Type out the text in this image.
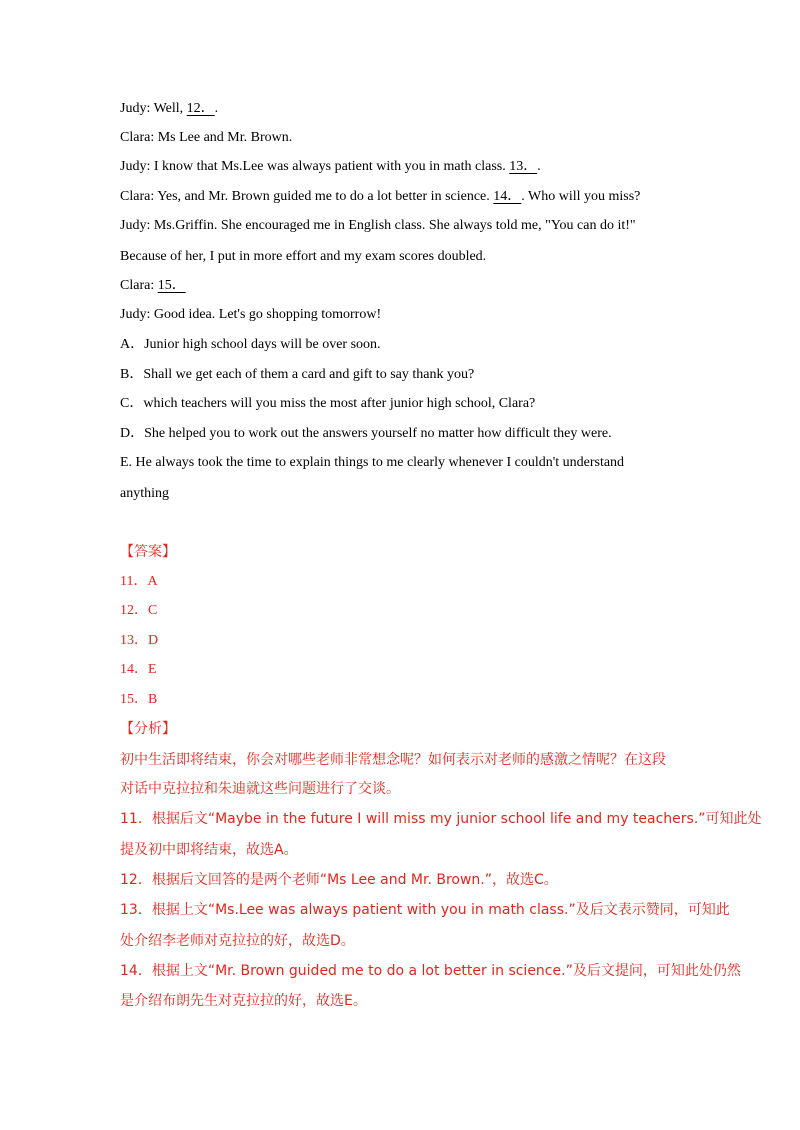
Judy: Well, 12．.
Clara: Ms Lee and Mr. Brown.
Judy: I know that Ms.Lee was always patient with you in math class. 13．.
Clara: Yes, and Mr. Brown guided me to do a lot better in science. 14．. Who will you miss?
Judy: Ms.Griffin. She encouraged me in English class. She always told me, "You can do it!"
Because of her, I put in more effort and my exam scores doubled.
Clara: 15．
Judy: Good idea. Let's go shopping tomorrow!
A．Junior high school days will be over soon.
B．Shall we get each of them a card and gift to say thank you?
C．which teachers will you miss the most after junior high school, Clara?
D．She helped you to work out the answers yourself no matter how difficult they were.
E. He always took the time to explain things to me clearly whenever I couldn't understand
anything
【答案】
11．A
12．C
13．D
14．E
15．B
【分析】
初中生活即将结束，你会对哪些老师非常想念呢？如何表示对老师的感激之情呢？在这段
对话中克拉拉和朱迪就这些问题进行了交谈。
11．根据后文“Maybe in the future I will miss my junior school life and my teachers.”可知此处
提及初中即将结束，故选A。
12．根据后文回答的是两个老师“Ms Lee and Mr. Brown.”，故选C。
13．根据上文“Ms.Lee was always patient with you in math class.”及后文表示赞同，可知此
处介绍李老师对克拉拉的好，故选D。
14．根据上文“Mr. Brown guided me to do a lot better in science.”及后文提问，可知此处仍然
是介绍布朗先生对克拉拉的好，故选E。
